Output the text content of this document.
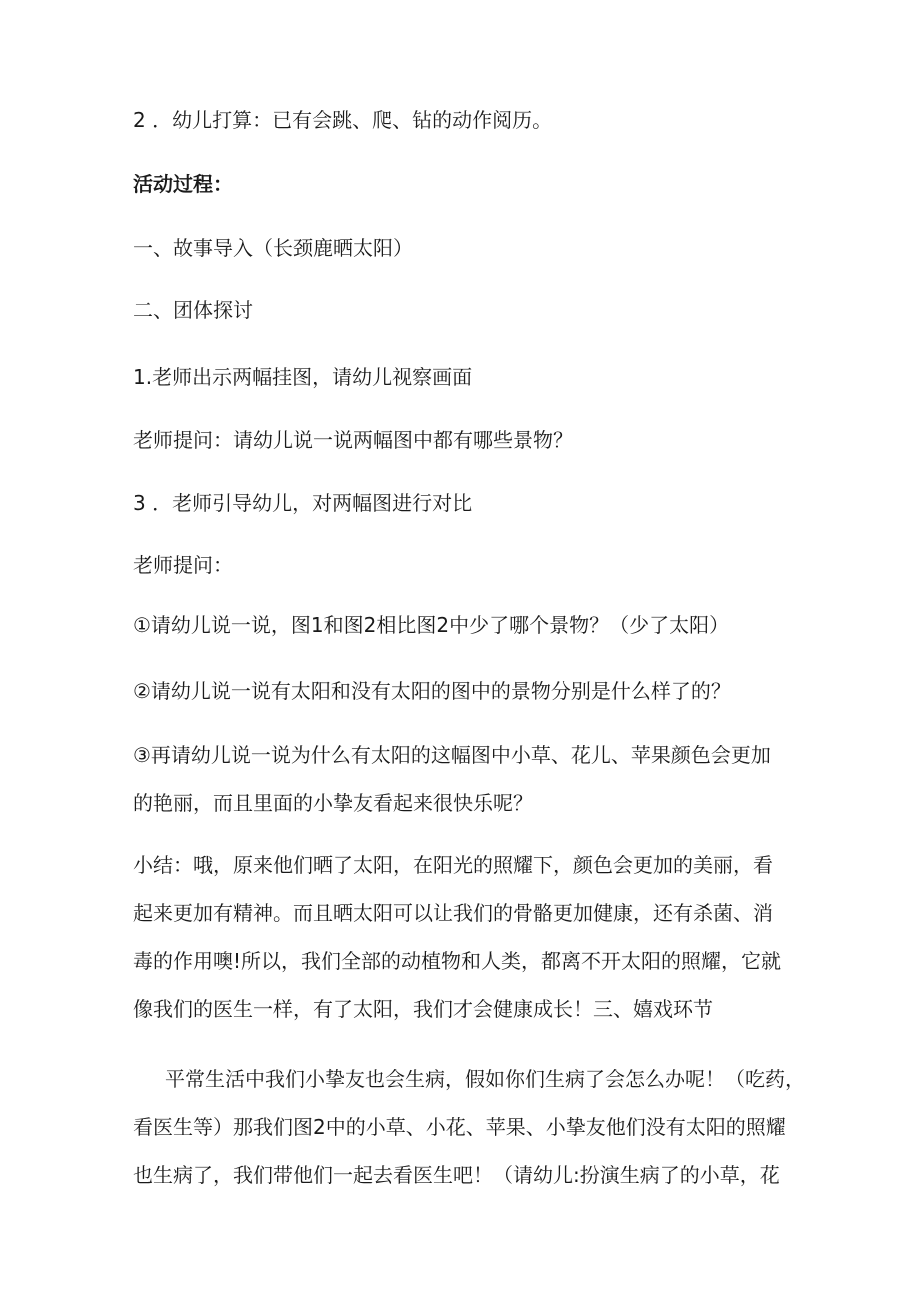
2 ．幼儿打算：已有会跳、爬、钻的动作阅历。

活动过程：

一、故事导入（长颈鹿晒太阳）

二、团体探讨

1.老师出示两幅挂图，请幼儿视察画面

老师提问：请幼儿说一说两幅图中都有哪些景物？

3 ．老师引导幼儿，对两幅图进行对比

老师提问：

①请幼儿说一说，图1和图2相比图2中少了哪个景物？（少了太阳）

②请幼儿说一说有太阳和没有太阳的图中的景物分别是什么样了的？

③再请幼儿说一说为什么有太阳的这幅图中小草、花儿、苹果颜色会更加

的艳丽，而且里面的小挚友看起来很快乐呢？

小结：哦，原来他们晒了太阳，在阳光的照耀下，颜色会更加的美丽，看

起来更加有精神。而且晒太阳可以让我们的骨骼更加健康，还有杀菌、消

毒的作用噢!所以，我们全部的动植物和人类，都离不开太阳的照耀，它就

像我们的医生一样，有了太阳，我们才会健康成长！三、嬉戏环节

平常生活中我们小挚友也会生病，假如你们生病了会怎么办呢！（吃药，

看医生等）那我们图2中的小草、小花、苹果、小挚友他们没有太阳的照耀

也生病了，我们带他们一起去看医生吧！（请幼儿:扮演生病了的小草，花
